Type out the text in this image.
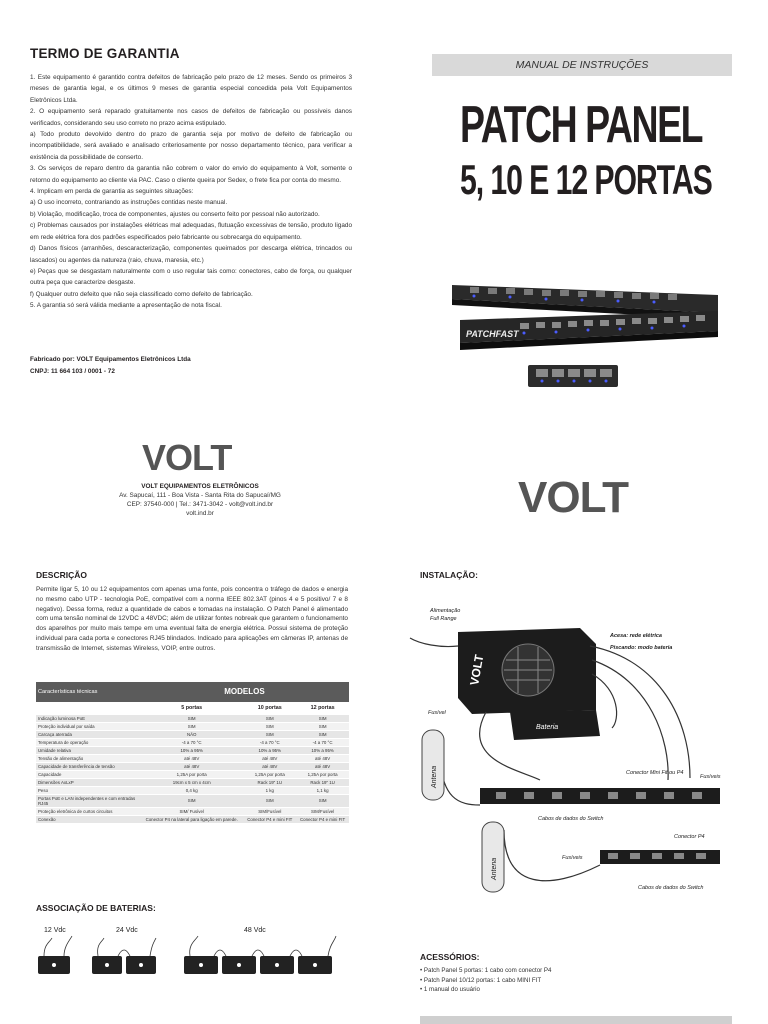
TERMO DE GARANTIA

1. Este equipamento é garantido contra defeitos de fabricação pelo prazo de 12 meses. Sendo os primeiros 3 meses de garantia legal, e os últimos 9 meses de garantia especial concedida pela Volt Equipamentos Eletrônicos Ltda.

2. O equipamento será reparado gratuitamente nos casos de defeitos de fabricação ou possíveis danos verificados, considerando seu uso correto no prazo acima estipulado.

a) Todo produto devolvido dentro do prazo de garantia seja por motivo de defeito de fabricação ou incompatibilidade, será avaliado e analisado criteriosamente por nosso departamento técnico, para verificar a existência da possibilidade de conserto.

3. Os serviços de reparo dentro da garantia não cobrem o valor do envio do equipamento à Volt, somente o retorno do equipamento ao cliente via PAC. Caso o cliente queira por Sedex, o frete fica por conta do mesmo.

4. Implicam em perda de garantia as seguintes situações:

a) O uso incorreto, contrariando as instruções contidas neste manual.

b) Violação, modificação, troca de componentes, ajustes ou conserto feito por pessoal não autorizado.

c) Problemas causados por instalações elétricas mal adequadas, flutuação excessivas de tensão, produto ligado em rede elétrica fora dos padrões especificados pelo fabricante ou sobrecarga do equipamento.

d) Danos físicos (arranhões, descaracterização, componentes queimados por descarga elétrica, trincados ou lascados) ou agentes da natureza (raio, chuva, maresia, etc.)

e) Peças que se desgastam naturalmente com o uso regular tais como: conectores, cabo de força, ou qualquer outra peça que caracterize desgaste.

f) Qualquer outro defeito que não seja classificado como defeito de fabricação.

5. A garantia só será válida mediante a apresentação de nota fiscal.

Fabricado por: VOLT Equipamentos Eletrônicos Ltda
CNPJ: 11 664 103 / 0001 - 72
MANUAL DE INSTRUÇÕES
PATCH PANEL
5, 10 E 12 PORTAS
PATCHFAST
VOLT
VOLT EQUIPAMENTOS ELETRÔNICOS
Av. Sapucaí, 111 - Boa Vista - Santa Rita do Sapucaí/MG
CEP: 37540-000 | Tel.: 3471-3042 - volt@volt.ind.br
volt.ind.br	VOLT
DESCRIÇÃO
Permite ligar 5, 10 ou 12 equipamentos com apenas uma fonte, pois concentra o tráfego de dados e energia no mesmo cabo UTP - tecnologia PoE, compatível com a norma IEEE 802.3AT (pinos 4 e 5 positivo/ 7 e 8 negativo). Dessa forma, reduz a quantidade de cabos e tomadas na instalação. O Patch Panel é alimentado com uma tensão nominal de 12VDC a 48VDC; além de utilizar fontes nobreak que garantem o funcionamento dos aparelhos por muito mais tempe em uma eventual falta de energia elétrica. Possui sistema de proteção individual para cada porta e conectores RJ45 blindados. Indicado para aplicações em câmeras IP, antenas de transmissão de Internet, sistemas Wireless, VOIP, entre outros.
Características técnicas	MODELOS		
	5 portas	10 portas	12 portas
Indicação luminosa PoE	SIM	SIM	SIM
Proteção individual por saída	SIM	SIM	SIM
Carcaça aterrada	NÃO	SIM	SIM
Temperatura de operação	-4 a 70 °C	-4 a 70 °C	-4 a 70 °C
Umidade relativa	10% a 95%	10% a 95%	10% a 95%
Tensão de alimentação	até 48V	até 48V	até 48V
Capacidade de transferência de tensão	até 48V	até 48V	até 48V
Capacidade	1,25A por porta	1,25A por porta	1,25A por porta
Dimensões AxLxP	19cm x 5 cm x 4cm	Rack 19" 1U	Rack 19" 1U
Peso	0,4 kg	1 kg	1,1 kg
Portas PoE e LAN independentes e com entradas RJ45	SIM	SIM	SIM
Proteção eletrônica de curtos circuitos	SIM/ Fusível	SIM/Fusível	SIM/Fusível
Conexão	Conector P4 na lateral para ligação em parede.	Conector P4 e mini FIT	Conector P4 e mini FIT
ASSOCIAÇÃO DE BATERIAS:
12 Vdc	24 Vdc	48 Vdc
INSTALAÇÃO:
Alimentação
Full Range
Acesa: rede elétrica
Piscando: modo bateria
Fusível
Conector Mini Fit ou P4
Fusíveis
Cabos de dados do Switch
Conector P4
Fusíveis
Cabos de dados do Switch
VOLT
Bateria
Antena
Antena
ACESSÓRIOS:
• Patch Panel 5 portas: 1 cabo com conector P4
• Patch Panel 10/12 portas: 1 cabo MINI FIT
• 1 manual do usuário
